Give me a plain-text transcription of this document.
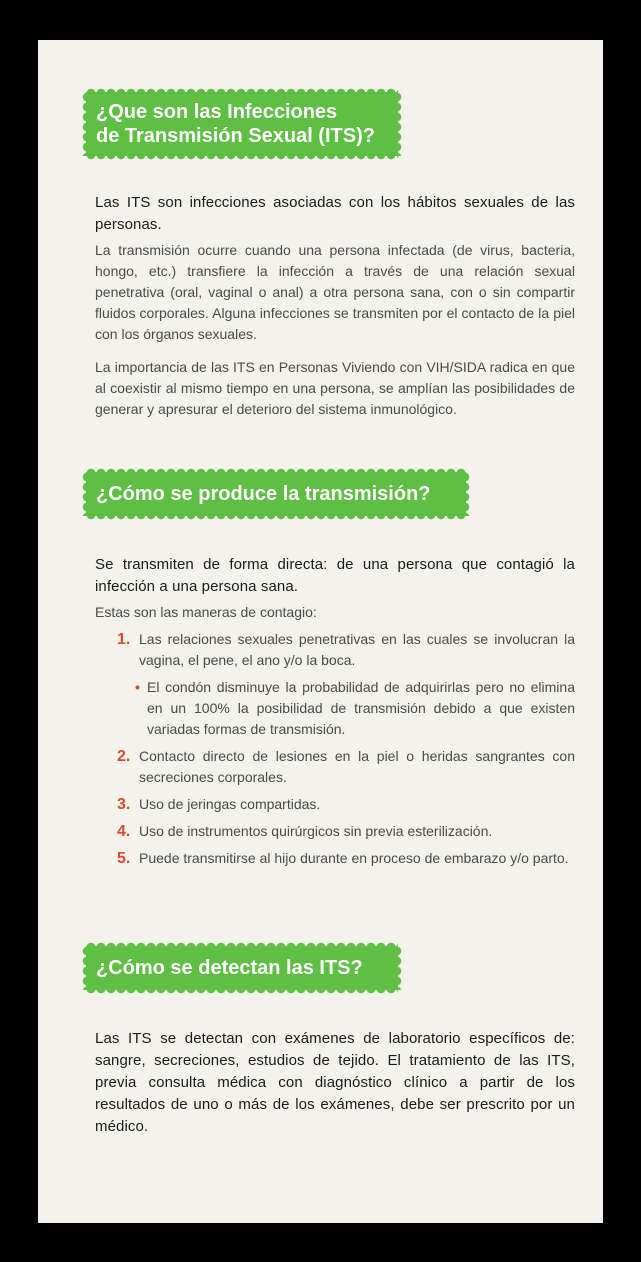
¿Que son las Infecciones
de Transmisión Sexual (ITS)?

Las ITS son infecciones asociadas con los hábitos sexuales de las personas.

La transmisión ocurre cuando una persona infectada (de virus, bacteria, hongo, etc.) transfiere la infección a través de una relación sexual penetrativa (oral, vaginal o anal) a otra persona sana, con o sin compartir fluidos corporales. Alguna infecciones se transmiten por el contacto de la piel con los órganos sexuales.

La importancia de las ITS en Personas Viviendo con VIH/SIDA radica en que al coexistir al mismo tiempo en una persona, se amplían las posibilidades de generar y apresurar el deterioro del sistema inmunológico.

¿Cómo se produce la transmisión?

Se transmiten de forma directa: de una persona que contagió la infección a una persona sana.

Estas son las maneras de contagio:

1. Las relaciones sexuales penetrativas en las cuales se involucran la vagina, el pene, el ano y/o la boca.
• El condón disminuye la probabilidad de adquirirlas pero no elimina en un 100% la posibilidad de transmisión debido a que existen variadas formas de transmisión.
2. Contacto directo de lesiones en la piel o heridas sangrantes con secreciones corporales.
3. Uso de jeringas compartidas.
4. Uso de instrumentos quirúrgicos sin previa esterilización.
5. Puede transmitirse al hijo durante en proceso de embarazo y/o parto.
¿Cómo se detectan las ITS?

Las ITS se detectan con exámenes de laboratorio específicos de: sangre, secreciones, estudios de tejido. El tratamiento de las ITS, previa consulta médica con diagnóstico clínico a partir de los resultados de uno o más de los exámenes, debe ser prescrito por un médico.
